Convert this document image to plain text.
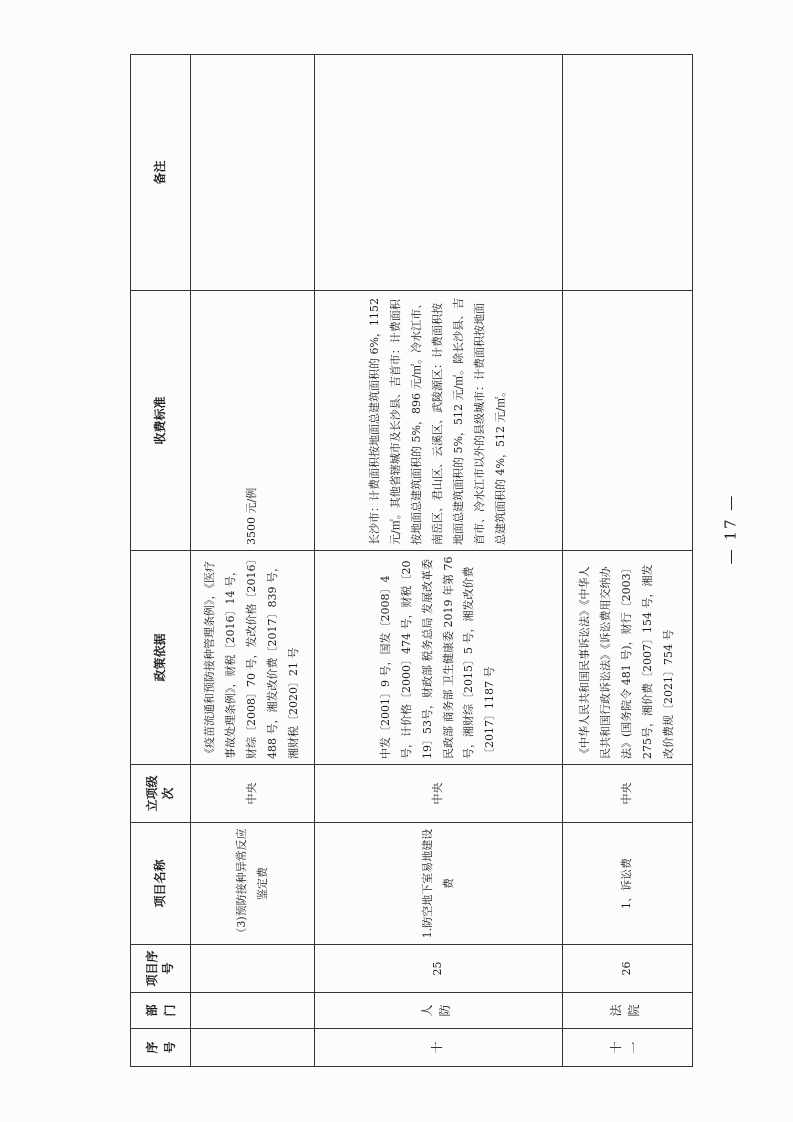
序号	部门	项目序号	项目名称	立项级次	政策依据	收费标准	备注
			（3)预防接种异常反应鉴定费	中央	《疫苗流通和预防接种管理条例》，《医疗事故处理条例》，财税〔2016〕14 号，财综〔2008〕70 号，发改价格〔2016〕488 号，湘发改价费〔2017〕839 号，湘财税〔2020〕21 号	3500 元/例	
十	人防	25	1.防空地下室易地建设费	中央	中发〔2001〕9 号，国发〔2008〕4 号，计价格〔2000〕474 号，财税〔2019〕53号，财政部 税务总局 发展改革委 民政部 商务部 卫生健康委 2019 年第 76 号，湘财综〔2015〕5 号，湘发改价费〔2017〕1187 号	长沙市：计费面积按地面总建筑面积的 6%，1152 元/㎡。其他省辖城市及长沙县、吉首市：计费面积按地面总建筑面积的 5%，896 元/㎡。冷水江市、南岳区、君山区、云溪区、武陵源区：计费面积按地面总建筑面积的 5%，512 元/㎡。除长沙县、吉首市、冷水江市以外的县级城市：计费面积按地面总建筑面积的 4%，512 元/㎡。	
十一	法院	26	1、诉讼费	中央	《中华人民共和国民事诉讼法》《中华人民共和国行政诉讼法》《诉讼费用交纳办法》(国务院令 481 号)，财行〔2003〕275号，湘价费〔2007〕154 号，湘发改价费规〔2021〕754 号		
— 17 —
